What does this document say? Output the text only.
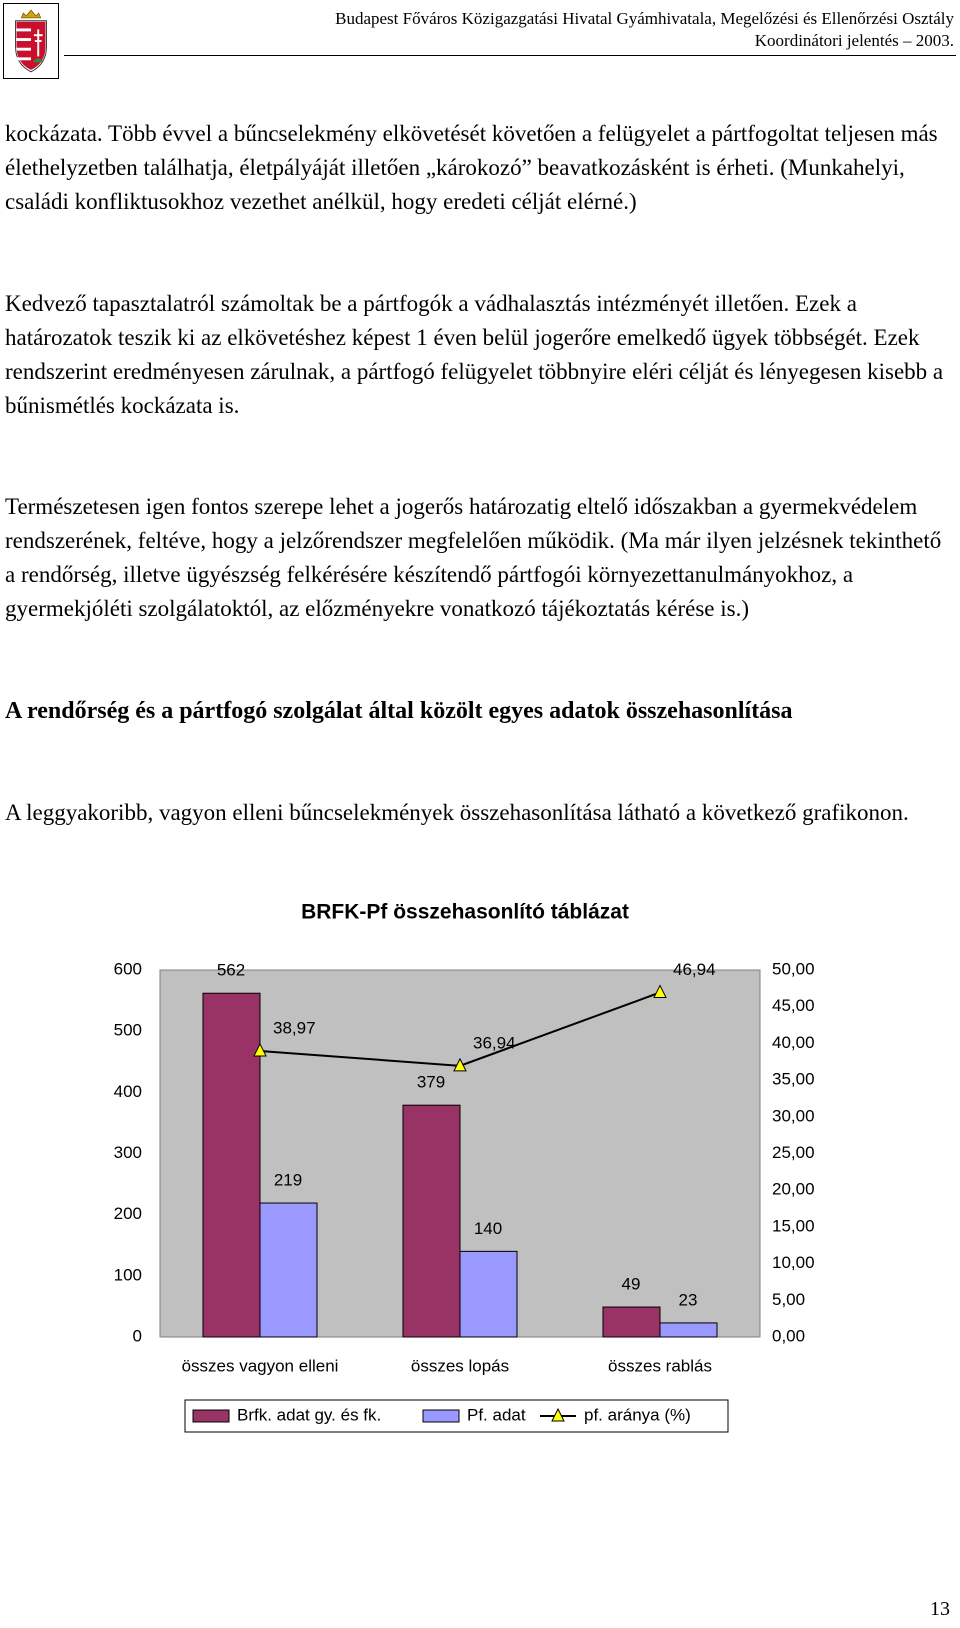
Budapest Főváros Közigazgatási Hivatal Gyámhivatala, Megelőzési és Ellenőrzési Osztály
Koordinátori jelentés – 2003.

kockázata. Több évvel a bűncselekmény elkövetését követően a felügyelet a pártfogoltat teljesen más élethelyzetben találhatja, életpályáját illetően „károkozó” beavatkozásként is érheti. (Munkahelyi, családi konfliktusokhoz vezethet anélkül, hogy eredeti célját elérné.)

Kedvező tapasztalatról számoltak be a pártfogók a vádhalasztás intézményét illetően. Ezek a határozatok teszik ki az elkövetéshez képest 1 éven belül jogerőre emelkedő ügyek többségét. Ezek rendszerint eredményesen zárulnak, a pártfogó felügyelet többnyire eléri célját és lényegesen kisebb a bűnismétlés kockázata is.

Természetesen igen fontos szerepe lehet a jogerős határozatig eltelő időszakban a gyermekvédelem rendszerének, feltéve, hogy a jelzőrendszer megfelelően működik. (Ma már ilyen jelzésnek tekinthető a rendőrség, illetve ügyészség felkérésére készítendő pártfogói környezettanulmányokhoz, a gyermekjóléti szolgálatoktól, az előzményekre vonatkozó tájékoztatás kérése is.)

A rendőrség és a pártfogó szolgálat által közölt egyes adatok összehasonlítása

A leggyakoribb, vagyon elleni bűncselekmények összehasonlítása látható a következő grafikonon.

BRFK-Pf összehasonlító táblázat
0
100
200
300
400
500
600
0,00
5,00
10,00
15,00
20,00
25,00
30,00
35,00
40,00
45,00
50,00
összes vagyon elleni	összes lopás	összes rablás
562
379
49
219
140
23
38,97
36,94
46,94
Brfk. adat gy. és fk.	Pf. adat	pf. aránya (%)
13
